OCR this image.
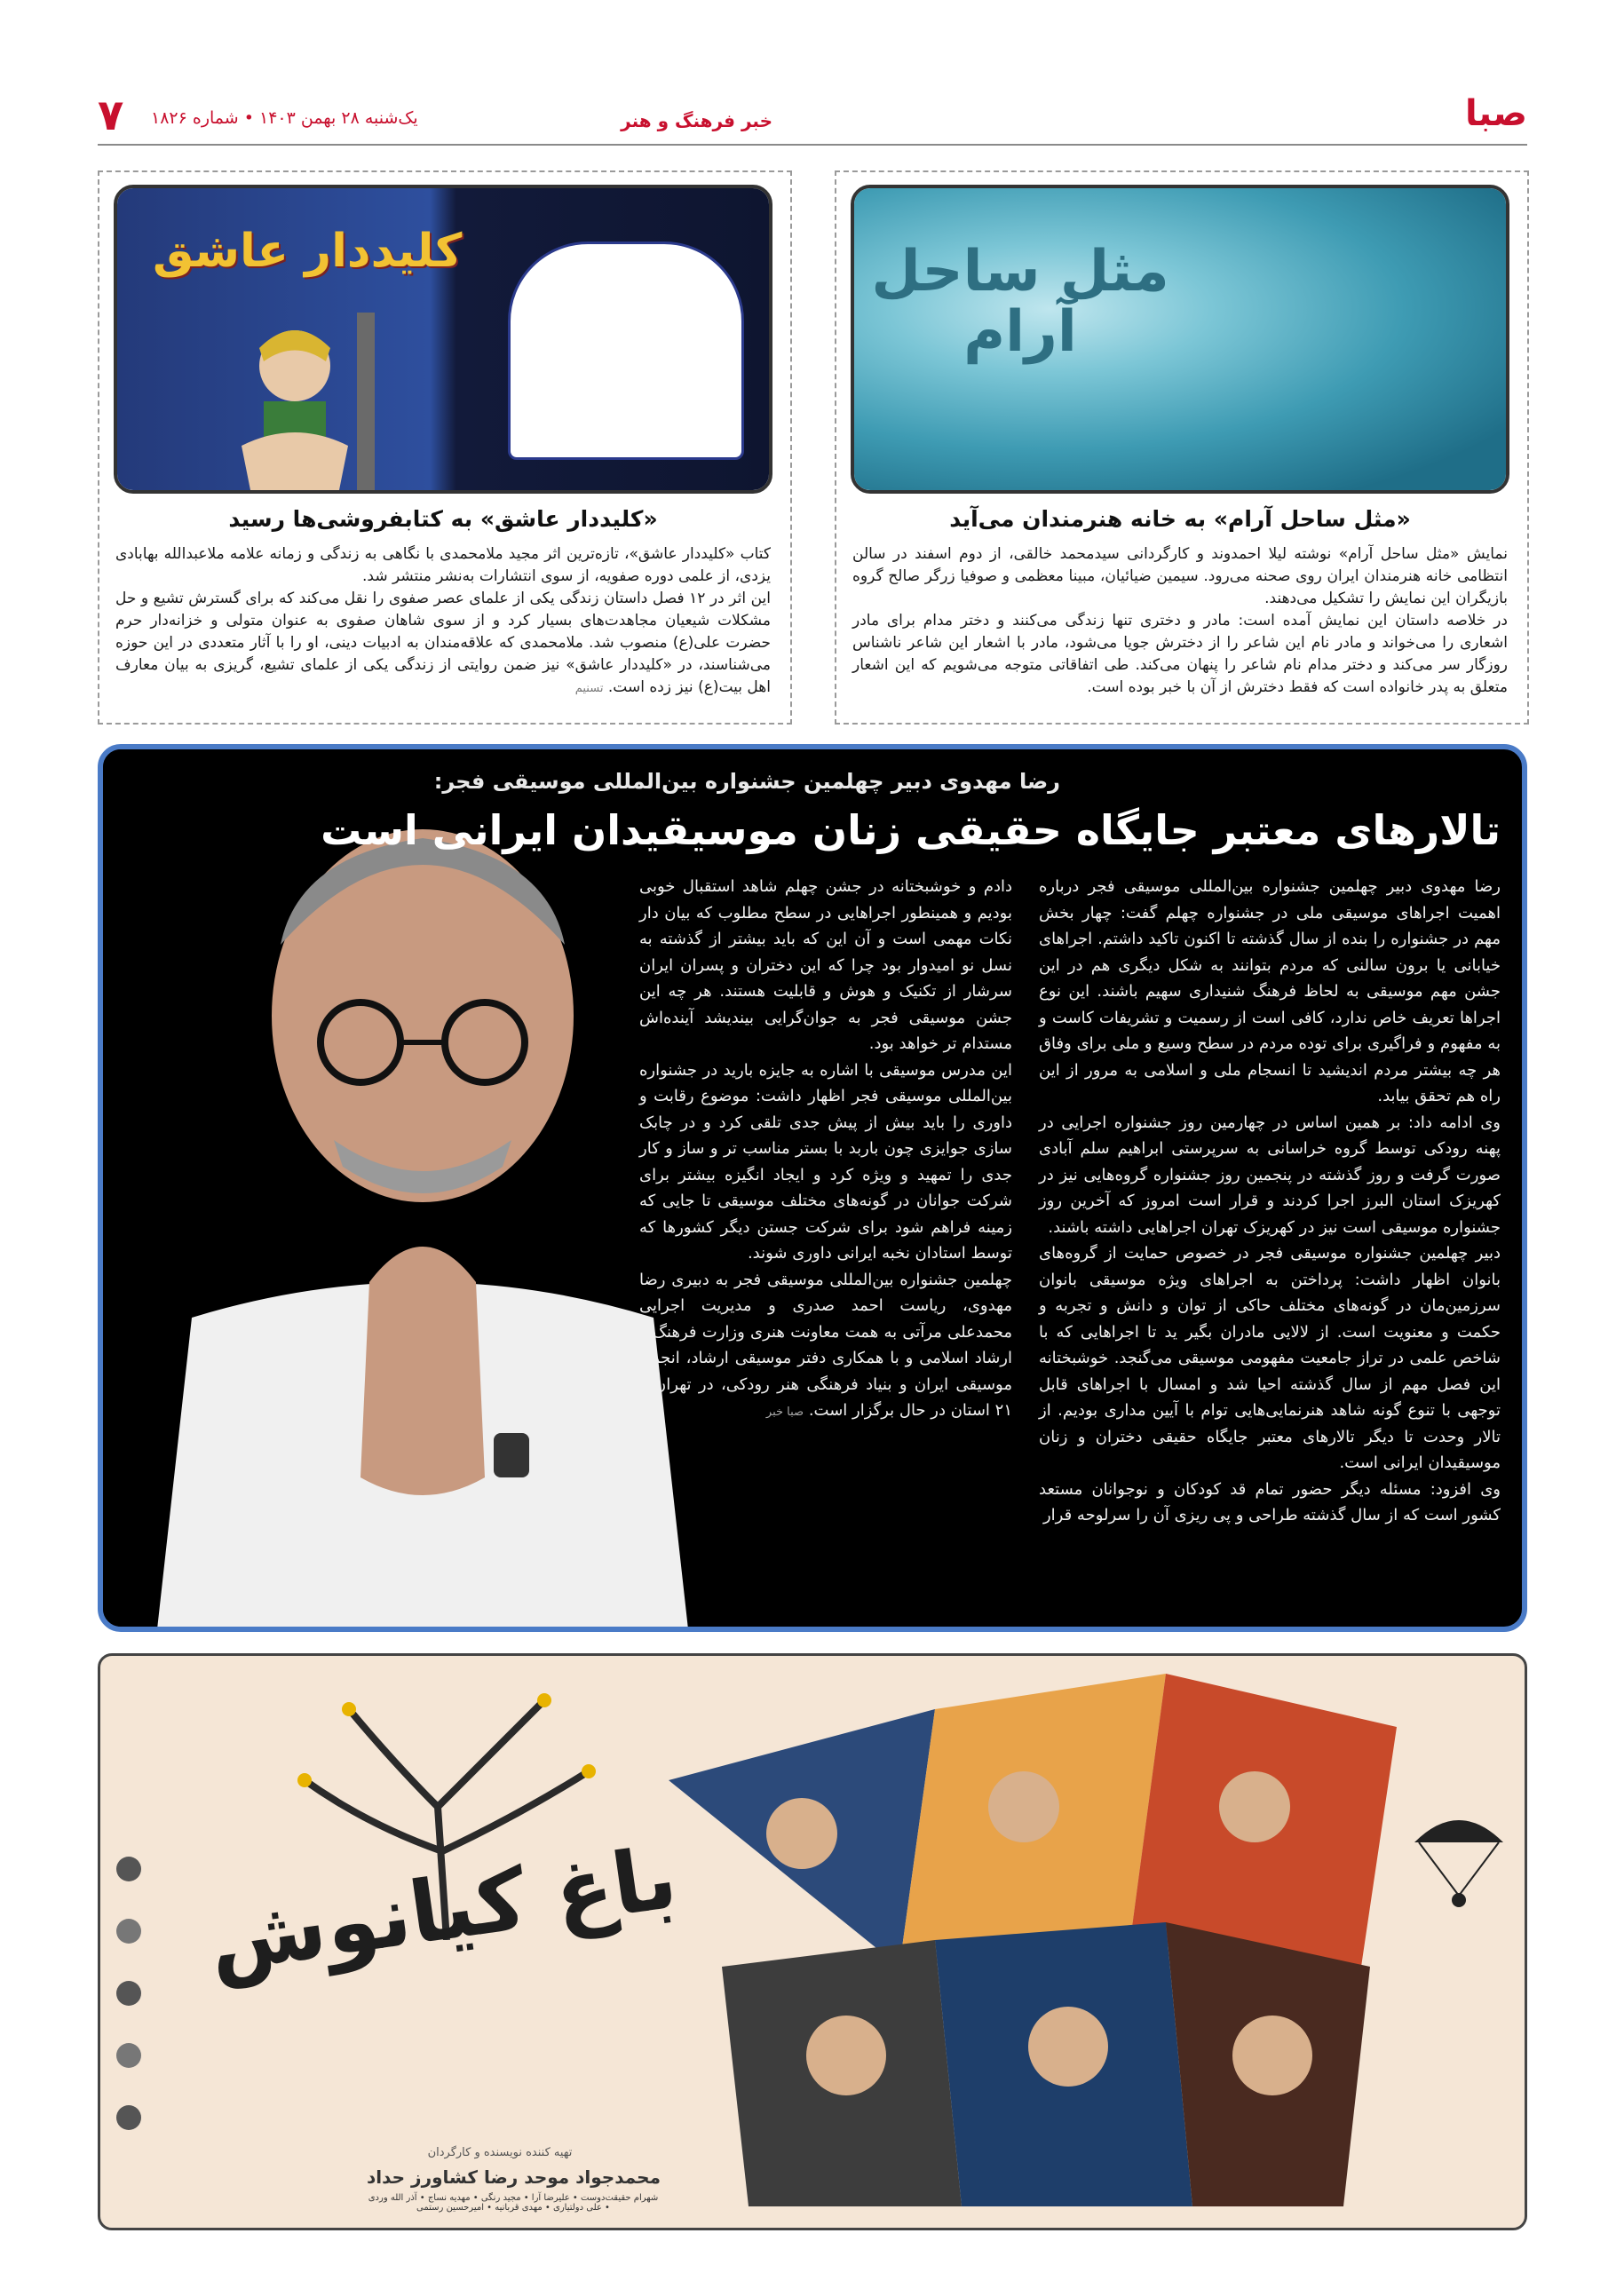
صبا
خبر فرهنگ و هنر
یک‌شنبه ۲۸ بهمن ۱۴۰۳ • شماره ۱۸۲۶
۷
مثل ساحل آرام
«مثل ساحل آرام» به خانه هنرمندان می‌آید

نمایش «مثل ساحل آرام» نوشته لیلا احمدوند و کارگردانی سیدمحمد خالقی، از دوم اسفند در سالن انتظامی خانه هنرمندان ایران روی صحنه می‌رود. سیمین ضیائیان، مبینا معظمی و صوفیا زرگر صالح گروه بازیگران این نمایش را تشکیل می‌دهند.

در خلاصه داستان این نمایش آمده است: مادر و دختری تنها زندگی می‌کنند و دختر مدام برای مادر اشعاری را می‌خواند و مادر نام این شاعر را از دخترش جویا می‌شود، مادر با اشعار این شاعر ناشناس روزگار سر می‌کند و دختر مدام نام شاعر را پنهان می‌کند. طی اتفاقاتی متوجه می‌شویم که این اشعار متعلق به پدر خانواده است که فقط دخترش از آن با خبر بوده است.

کلیددار عاشق
«کلیددار عاشق» به کتابفروشی‌ها رسید

کتاب «کلیددار عاشق»، تازه‌ترین اثر مجید ملامحمدی با نگاهی به زندگی و زمانه علامه ملاعبدالله بهابادی یزدی، از علمی دوره صفویه، از سوی انتشارات به‌نشر منتشر شد.

این اثر در ۱۲ فصل داستان زندگی یکی از علمای عصر صفوی را نقل می‌کند که برای گسترش تشیع و حل مشکلات شیعیان مجاهدت‌های بسیار کرد و از سوی شاهان صفوی به عنوان متولی و خزانه‌دار حرم حضرت علی(ع) منصوب شد. ملامحمدی که علاقه‌مندان به ادبیات دینی، او را با آثار متعددی در این حوزه می‌شناسند، در «کلیددار عاشق» نیز ضمن روایتی از زندگی یکی از علمای تشیع، گریزی به بیان معارف اهل بیت(ع) نیز زده است. تسنیم

رضا مهدوی دبیر چهلمین جشنواره بین‌المللی موسیقی فجر:
تالارهای معتبر جایگاه حقیقی زنان موسیقیدان ایرانی است

رضا مهدوی دبیر چهلمین جشنواره بین‌المللی موسیقی فجر درباره اهمیت اجراهای موسیقی ملی در جشنواره چهلم گفت: چهار بخش مهم در جشنواره را بنده از سال گذشته تا اکنون تاکید داشتم. اجراهای خیابانی یا برون سالنی که مردم بتوانند به شکل دیگری هم در این جشن مهم موسیقی به لحاظ فرهنگ شنیداری سهیم باشند. این نوع اجراها تعریف خاص ندارد، کافی است از رسمیت و تشریفات کاست و به مفهوم و فراگیری برای توده مردم در سطح وسیع و ملی برای وفاق هر چه بیشتر مردم اندیشید تا انسجام ملی و اسلامی به مرور از این راه هم تحقق بیابد.

وی ادامه داد: بر همین اساس در چهارمین روز جشنواره اجرایی در پهنه رودکی توسط گروه خراسانی به سرپرستی ابراهیم سلم آبادی صورت گرفت و روز گذشته در پنجمین روز جشنواره گروه‌هایی نیز در کهریزک استان البرز اجرا کردند و قرار است امروز که آخرین روز جشنواره موسیقی است نیز در کهریزک تهران اجراهایی داشته باشند.

دبیر چهلمین جشنواره موسیقی فجر در خصوص حمایت از گروه‌های بانوان اظهار داشت: پرداختن به اجراهای ویژه موسیقی بانوان سرزمین‌مان در گونه‌های مختلف حاکی از توان و دانش و تجربه و حکمت و معنویت است. از لالایی مادران بگیر ید تا اجراهایی که با شاخص علمی در تراز جامعیت مفهومی موسیقی می‌گنجد. خوشبختانه این فصل مهم از سال گذشته احیا شد و امسال با اجراهای قابل توجهی با تنوع گونه شاهد هنرنمایی‌هایی توام با آیین مداری بودیم. از تالار وحدت تا دیگر تالارهای معتبر جایگاه حقیقی دختران و زنان موسیقیدان ایرانی است.

وی افزود: مسئله دیگر حضور تمام قد کودکان و نوجوانان مستعد کشور است که از سال گذشته طراحی و پی ریزی آن را سرلوحه قرار

دادم و خوشبختانه در جشن چهلم شاهد استقبال خوبی بودیم و همینطور اجراهایی در سطح مطلوب که بیان دار نکات مهمی است و آن این که باید بیشتر از گذشته به نسل نو امیدوار بود چرا که این دختران و پسران ایران سرشار از تکنیک و هوش و قابلیت هستند. هر چه این جشن موسیقی فجر به جوان‌گرایی بیندیشد آینده‌اش مستدام تر خواهد بود.

این مدرس موسیقی با اشاره به جایزه بارید در جشنواره بین‌المللی موسیقی فجر اظهار داشت: موضوع رقابت و داوری را باید بیش از پیش جدی تلقی کرد و در چابک سازی جوایزی چون باربد با بستر مناسب تر و ساز و کار جدی را تمهید و ویژه کرد و ایجاد انگیزه بیشتر برای شرکت جوانان در گونه‌های مختلف موسیقی تا جایی که زمینه فراهم شود برای شرکت جستن دیگر کشورها که توسط استادان نخبه ایرانی داوری شوند.

چهلمین جشنواره بین‌المللی موسیقی فجر به دبیری رضا مهدوی، ریاست احمد صدری و مدیریت اجرایی محمدعلی مرآتی به همت معاونت هنری وزارت فرهنگ و ارشاد اسلامی و با همکاری دفتر موسیقی ارشاد، انجمن موسیقی ایران و بنیاد فرهنگی هنر رودکی، در تهران و ۲۱ استان در حال برگزار است. صبا خبر

باغ کیانوش
تهیه کننده نویسنده و کارگردان
محمدجواد موحد رضا کشاورز حداد
شهرام حقیقت‌دوست • علیرضا آرا • مجید رنگی • مهدیه نساج • آذر الله وردی • علی دولتیاری • مهدی قربانیه • امیرحسین رستمی
